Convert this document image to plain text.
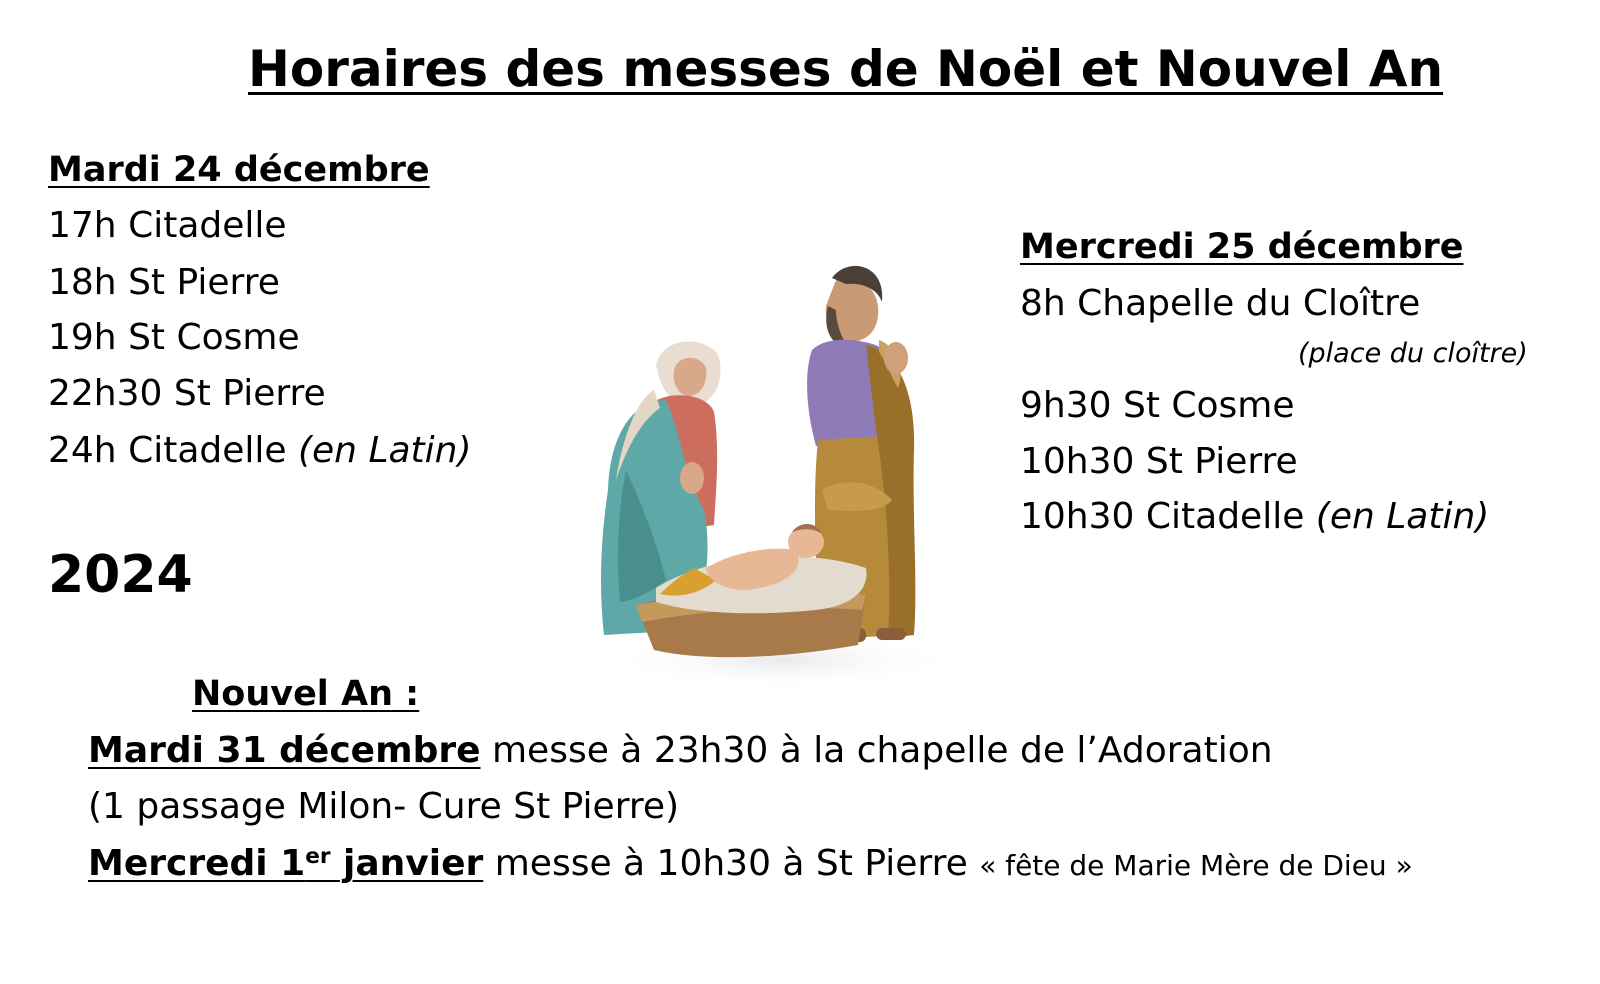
Horaires des messes de Noël et Nouvel An
Mardi 24 décembre
17h Citadelle
18h St Pierre
19h St Cosme
22h30 St Pierre
24h Citadelle (en Latin)
2024
Mercredi 25 décembre
8h Chapelle du Cloître
(place du cloître)
9h30 St Cosme
10h30 St Pierre
10h30 Citadelle (en Latin)
Nouvel An :
Mardi 31 décembre messe à 23h30 à la chapelle de l’Adoration
(1 passage Milon- Cure St Pierre)
Mercredi 1er janvier messe à 10h30 à St Pierre « fête de Marie Mère de Dieu »
